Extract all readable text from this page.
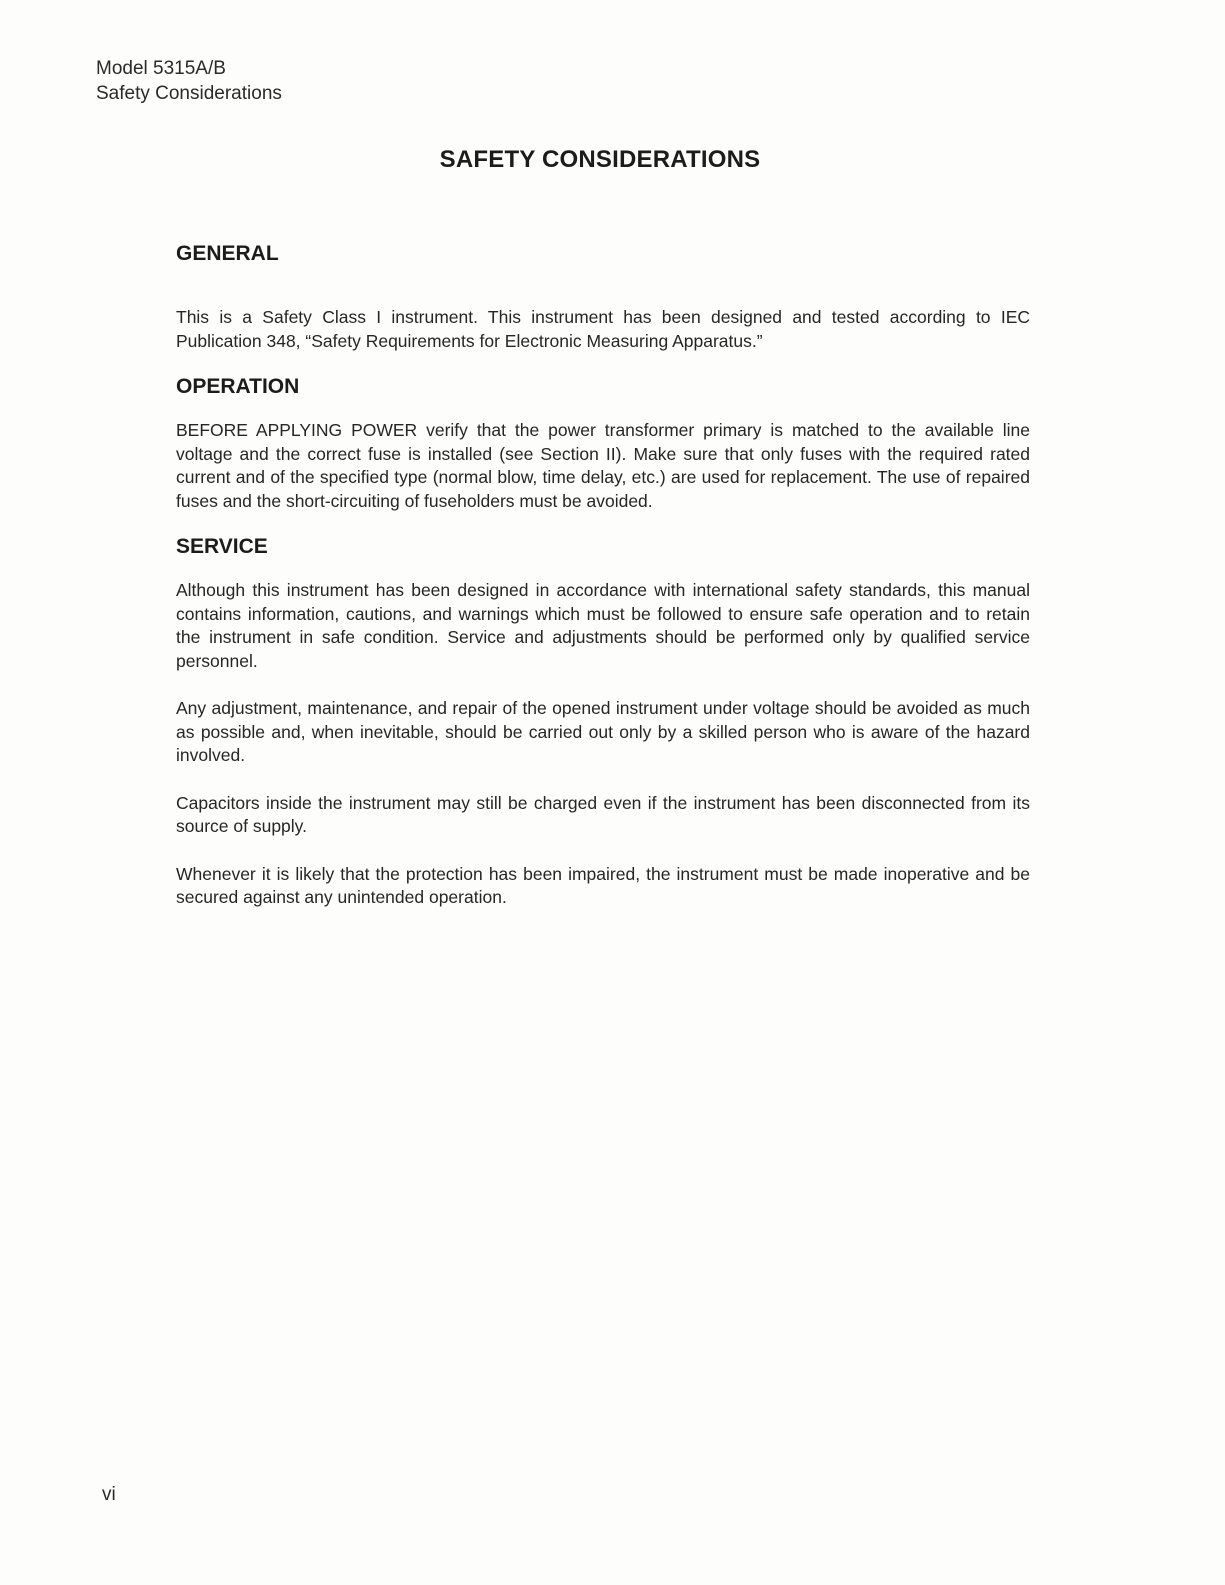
Model 5315A/B
Safety Considerations
SAFETY CONSIDERATIONS
GENERAL

This is a Safety Class I instrument. This instrument has been designed and tested according to IEC Publication 348, “Safety Requirements for Electronic Measuring Apparatus.”

OPERATION

BEFORE APPLYING POWER verify that the power transformer primary is matched to the available line voltage and the correct fuse is installed (see Section II). Make sure that only fuses with the required rated current and of the specified type (normal blow, time delay, etc.) are used for replacement. The use of repaired fuses and the short-circuiting of fuseholders must be avoided.

SERVICE

Although this instrument has been designed in accordance with international safety standards, this manual contains information, cautions, and warnings which must be followed to ensure safe operation and to retain the instrument in safe condition. Service and adjustments should be performed only by qualified service personnel.

Any adjustment, maintenance, and repair of the opened instrument under voltage should be avoided as much as possible and, when inevitable, should be carried out only by a skilled person who is aware of the hazard involved.

Capacitors inside the instrument may still be charged even if the instrument has been disconnected from its source of supply.

Whenever it is likely that the protection has been impaired, the instrument must be made inoperative and be secured against any unintended operation.

vi
